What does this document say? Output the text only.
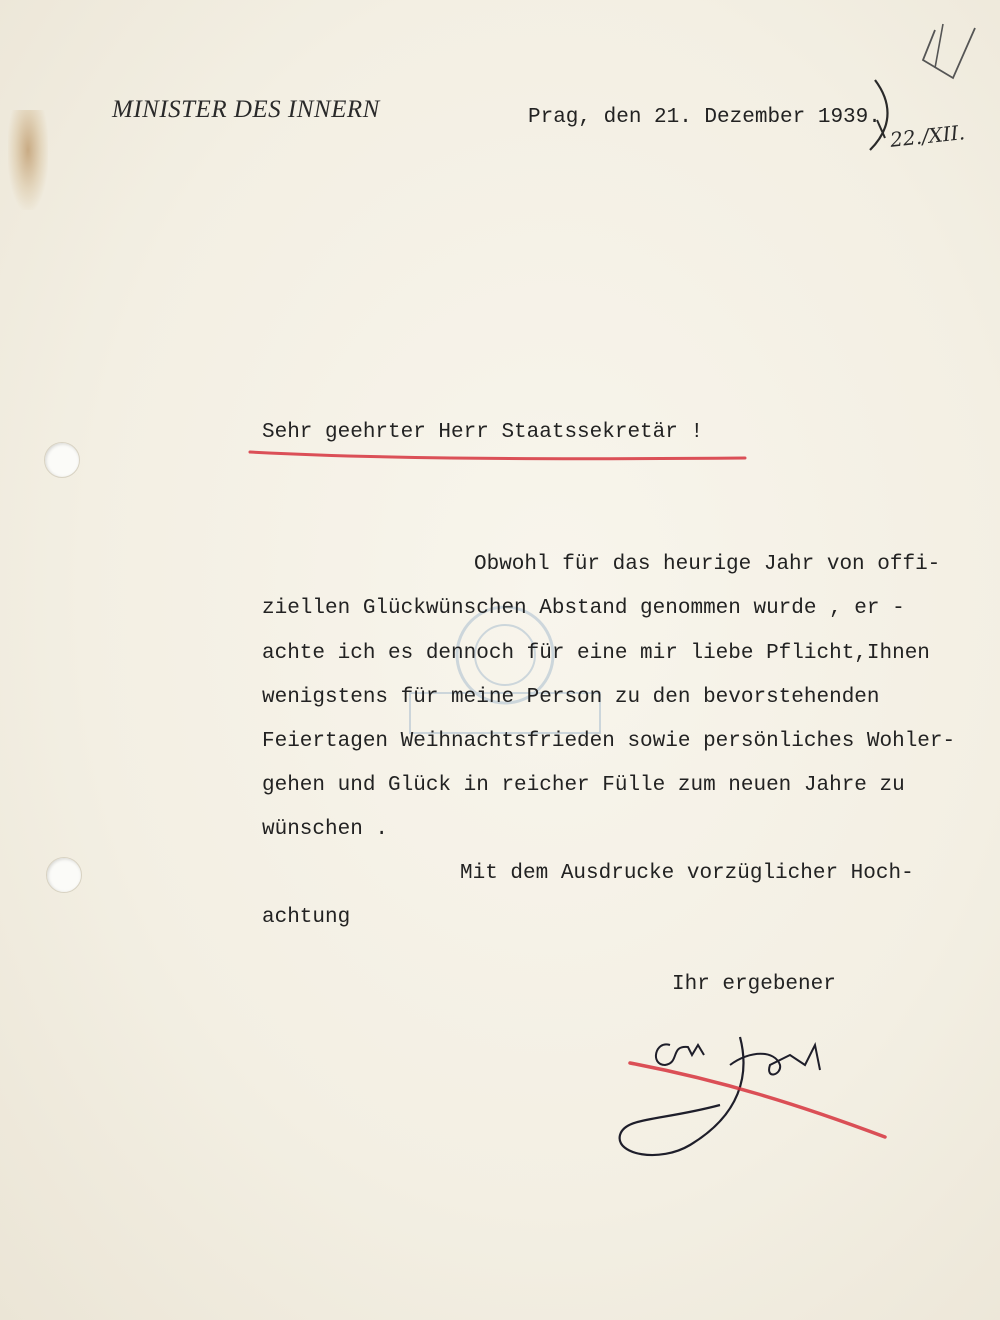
MINISTER DES INNERN	Prag, den 21. Dezember 1939.
22./XII.
Sehr geehrter Herr Staatssekretär !
Obwohl für das heurige Jahr von offi-
ziellen Glückwünschen Abstand genommen wurde , er -
achte ich es dennoch für eine mir liebe Pflicht,Ihnen
wenigstens für meine Person zu den bevorstehenden
Feiertagen Weihnachtsfrieden sowie persönliches Wohler-
gehen und Glück in reicher Fülle zum neuen Jahre zu
wünschen .
Mit dem Ausdrucke vorzüglicher Hoch-
achtung
Ihr ergebener
